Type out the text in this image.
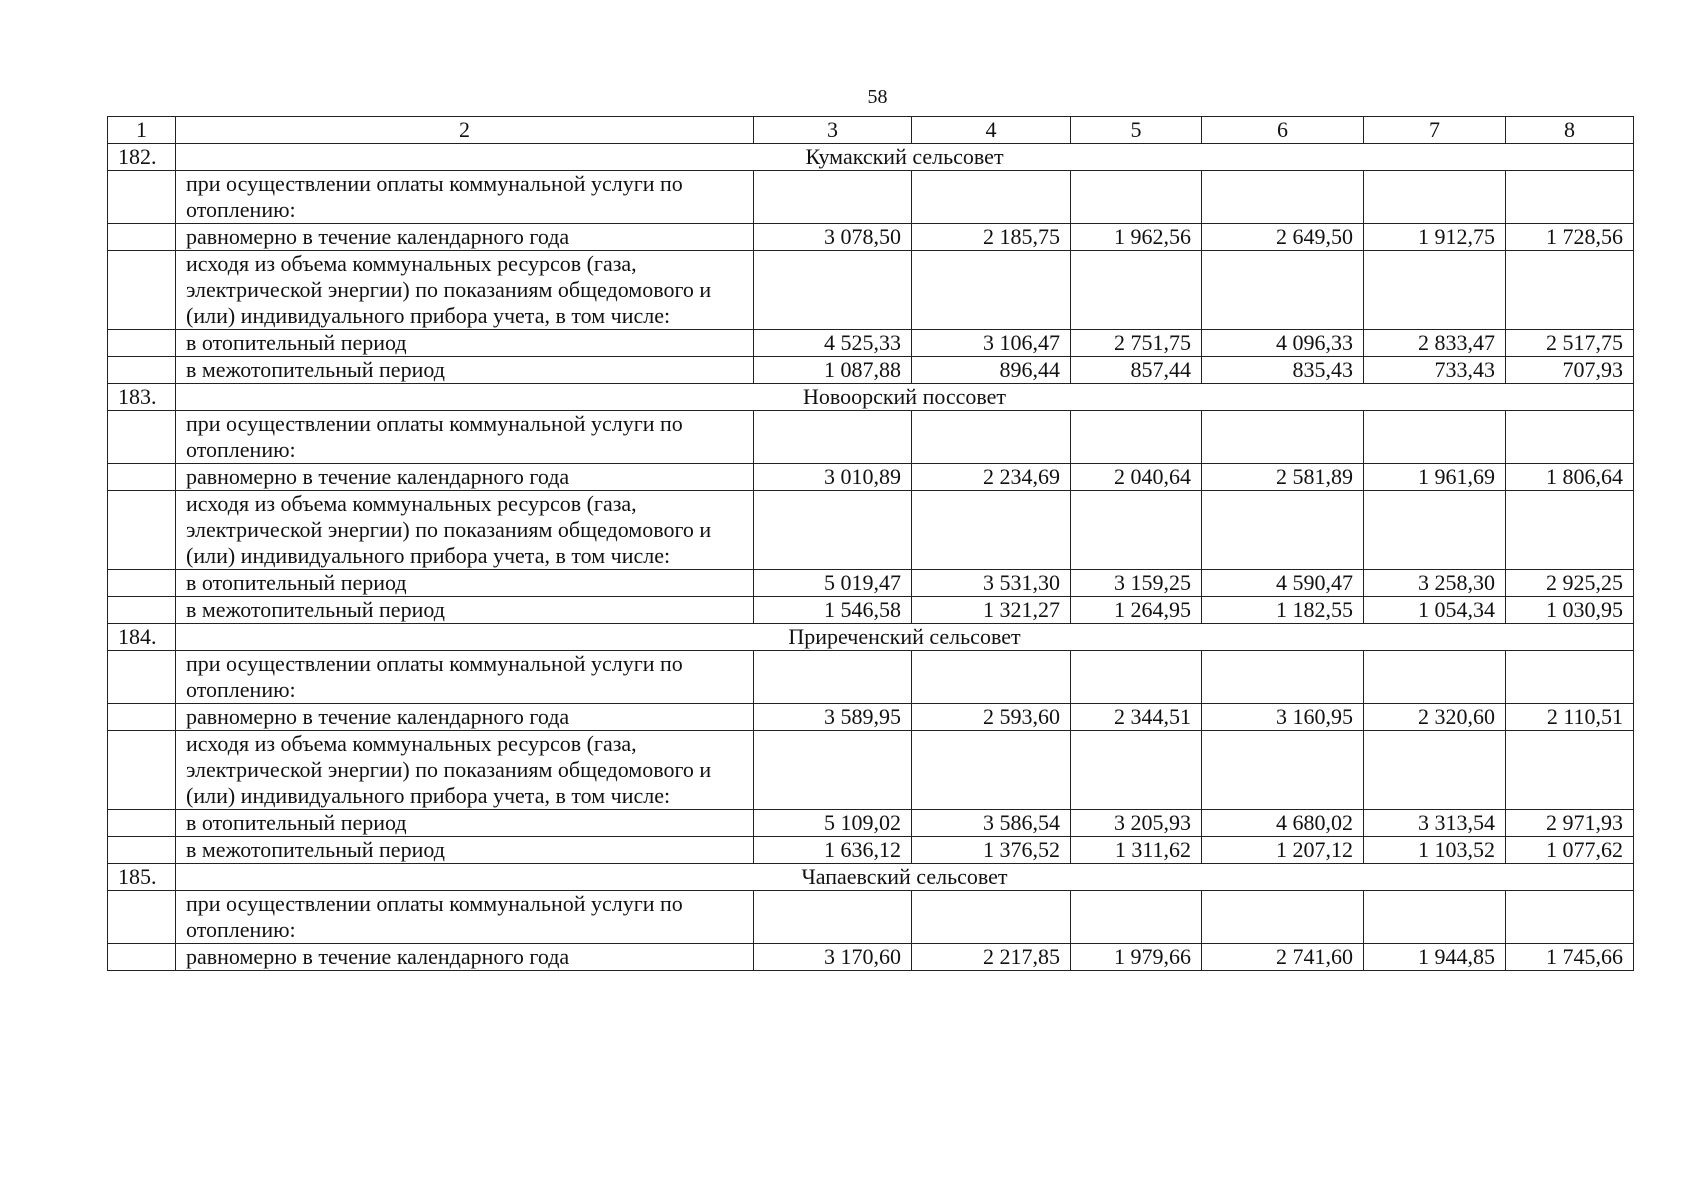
58
1	2	3	4	5	6	7	8
182.	Кумакский сельсовет						
	при осуществлении оплаты коммунальной услуги по отоплению:						
	равномерно в течение календарного года	3 078,50	2 185,75	1 962,56	2 649,50	1 912,75	1 728,56
	исходя из объема коммунальных ресурсов (газа, электрической энергии) по показаниям общедомового и (или) индивидуального прибора учета, в том числе:						
	в отопительный период	4 525,33	3 106,47	2 751,75	4 096,33	2 833,47	2 517,75
	в межотопительный период	1 087,88	896,44	857,44	835,43	733,43	707,93
183.	Новоорский поссовет						
	при осуществлении оплаты коммунальной услуги по отоплению:						
	равномерно в течение календарного года	3 010,89	2 234,69	2 040,64	2 581,89	1 961,69	1 806,64
	исходя из объема коммунальных ресурсов (газа, электрической энергии) по показаниям общедомового и (или) индивидуального прибора учета, в том числе:						
	в отопительный период	5 019,47	3 531,30	3 159,25	4 590,47	3 258,30	2 925,25
	в межотопительный период	1 546,58	1 321,27	1 264,95	1 182,55	1 054,34	1 030,95
184.	Приреченский сельсовет						
	при осуществлении оплаты коммунальной услуги по отоплению:						
	равномерно в течение календарного года	3 589,95	2 593,60	2 344,51	3 160,95	2 320,60	2 110,51
	исходя из объема коммунальных ресурсов (газа, электрической энергии) по показаниям общедомового и (или) индивидуального прибора учета, в том числе:						
	в отопительный период	5 109,02	3 586,54	3 205,93	4 680,02	3 313,54	2 971,93
	в межотопительный период	1 636,12	1 376,52	1 311,62	1 207,12	1 103,52	1 077,62
185.	Чапаевский сельсовет						
	при осуществлении оплаты коммунальной услуги по отоплению:						
	равномерно в течение календарного года	3 170,60	2 217,85	1 979,66	2 741,60	1 944,85	1 745,66
